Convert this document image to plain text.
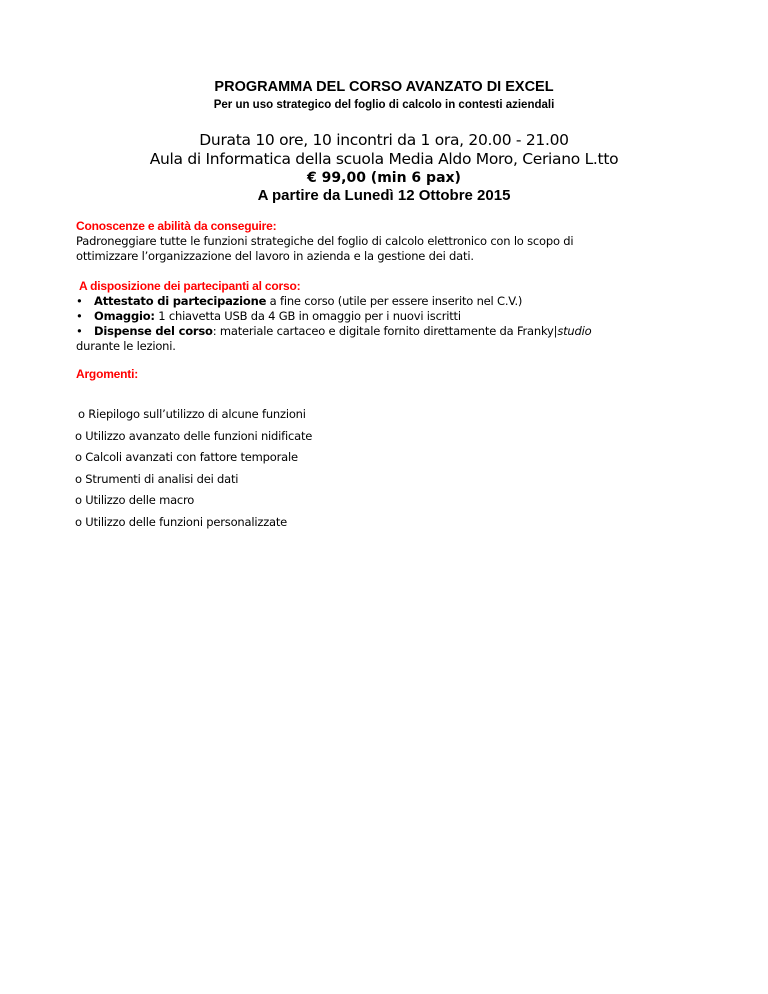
PROGRAMMA DEL CORSO AVANZATO DI EXCEL
Per un uso strategico del foglio di calcolo in contesti aziendali
Durata 10 ore, 10 incontri da 1 ora, 20.00 - 21.00
Aula di Informatica della scuola Media Aldo Moro, Ceriano L.tto
€ 99,00 (min 6 pax)
A partire da Lunedì 12 Ottobre 2015
Conoscenze e abilità da conseguire:
Padroneggiare tutte le funzioni strategiche del foglio di calcolo elettronico con lo scopo di
ottimizzare l’organizzazione del lavoro in azienda e la gestione dei dati.
A disposizione dei partecipanti al corso:
• Attestato di partecipazione a fine corso (utile per essere inserito nel C.V.)
• Omaggio: 1 chiavetta USB da 4 GB in omaggio per i nuovi iscritti
• Dispense del corso: materiale cartaceo e digitale fornito direttamente da Franky|studio
durante le lezioni.
Argomenti:
o Riepilogo sull’utilizzo di alcune funzioni
o Utilizzo avanzato delle funzioni nidificate
o Calcoli avanzati con fattore temporale
o Strumenti di analisi dei dati
o Utilizzo delle macro
o Utilizzo delle funzioni personalizzate
